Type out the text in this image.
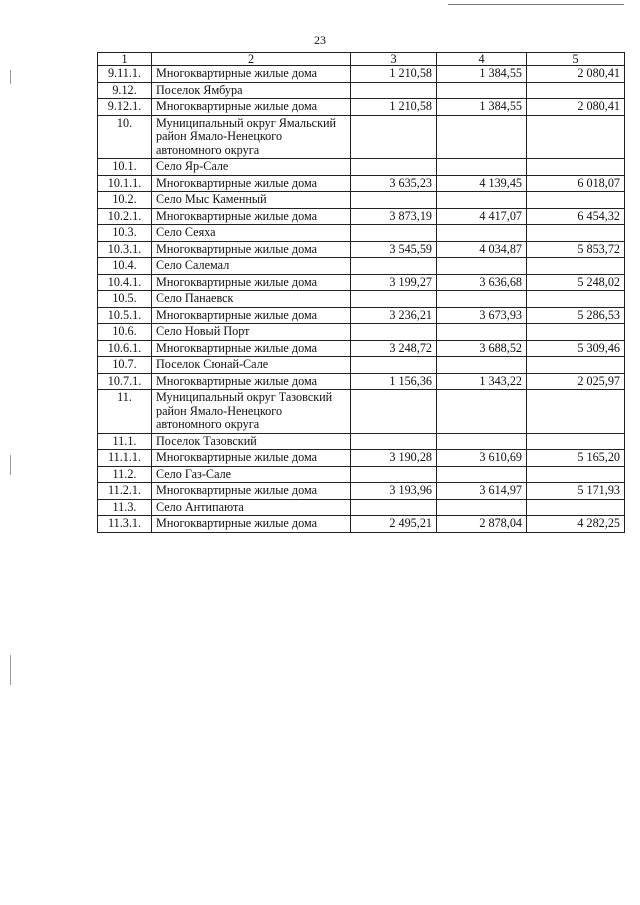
23
1	2	3	4	5
9.11.1.	Многоквартирные жилые дома	1 210,58	1 384,55	2 080,41
9.12.	Поселок Ямбура			
9.12.1.	Многоквартирные жилые дома	1 210,58	1 384,55	2 080,41
10.	Муниципальный округ Ямальский район Ямало-Ненецкого автономного округа			
10.1.	Село Яр-Сале			
10.1.1.	Многоквартирные жилые дома	3 635,23	4 139,45	6 018,07
10.2.	Село Мыс Каменный			
10.2.1.	Многоквартирные жилые дома	3 873,19	4 417,07	6 454,32
10.3.	Село Сеяха			
10.3.1.	Многоквартирные жилые дома	3 545,59	4 034,87	5 853,72
10.4.	Село Салемал			
10.4.1.	Многоквартирные жилые дома	3 199,27	3 636,68	5 248,02
10.5.	Село Панаевск			
10.5.1.	Многоквартирные жилые дома	3 236,21	3 673,93	5 286,53
10.6.	Село Новый Порт			
10.6.1.	Многоквартирные жилые дома	3 248,72	3 688,52	5 309,46
10.7.	Поселок Сюнай-Сале			
10.7.1.	Многоквартирные жилые дома	1 156,36	1 343,22	2 025,97
11.	Муниципальный округ Тазовский район Ямало-Ненецкого автономного округа			
11.1.	Поселок Тазовский			
11.1.1.	Многоквартирные жилые дома	3 190,28	3 610,69	5 165,20
11.2.	Село Газ-Сале			
11.2.1.	Многоквартирные жилые дома	3 193,96	3 614,97	5 171,93
11.3.	Село Антипаюта			
11.3.1.	Многоквартирные жилые дома	2 495,21	2 878,04	4 282,25
